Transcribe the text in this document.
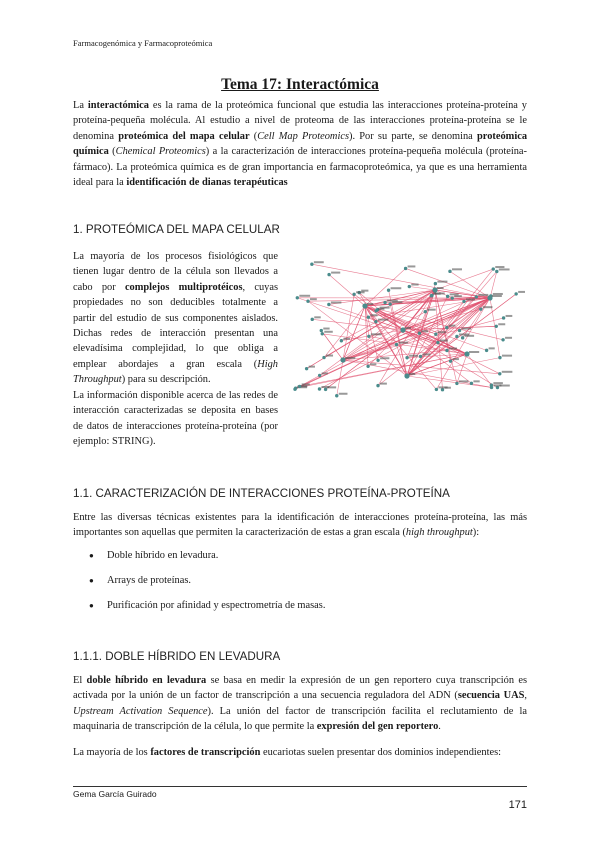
Farmacogenómica y Farmacoproteómica
Tema 17: Interactómica
La interactómica es la rama de la proteómica funcional que estudia las interacciones proteína-proteína y proteína-pequeña molécula. Al estudio a nivel de proteoma de las interacciones proteína-proteína se le denomina proteómica del mapa celular (Cell Map Proteomics). Por su parte, se denomina proteómica química (Chemical Proteomics) a la caracterización de interacciones proteína-pequeña molécula (proteína-fármaco). La proteómica química es de gran importancia en farmacoproteómica, ya que es una herramienta ideal para la identificación de dianas terapéuticas
1. PROTEÓMICA DEL MAPA CELULAR
La mayoría de los procesos fisiológicos que tienen lugar dentro de la célula son llevados a cabo por complejos multiprotéicos, cuyas propiedades no son deducibles totalmente a partir del estudio de sus componentes aislados. Dichas redes de interacción presentan una elevadísima complejidad, lo que obliga a emplear abordajes a gran escala (High Throughput) para su descripción.
La información disponible acerca de las redes de interacción caracterizadas se deposita en bases de datos de interacciones proteína-proteína (por ejemplo: STRING).
1.1. CARACTERIZACIÓN DE INTERACCIONES PROTEÍNA-PROTEÍNA
Entre las diversas técnicas existentes para la identificación de interacciones proteína-proteína, las más importantes son aquellas que permiten la caracterización de estas a gran escala (high throughput):
● Doble híbrido en levadura.
● Arrays de proteínas.
● Purificación por afinidad y espectrometría de masas.
1.1.1. DOBLE HÍBRIDO EN LEVADURA
El doble híbrido en levadura se basa en medir la expresión de un gen reportero cuya transcripción es activada por la unión de un factor de transcripción a una secuencia reguladora del ADN (secuencia UAS, Upstream Activation Sequence). La unión del factor de transcripción facilita el reclutamiento de la maquinaria de transcripción de la célula, lo que permite la expresión del gen reportero.
La mayoría de los factores de transcripción eucariotas suelen presentar dos dominios independientes:
Gema García Guirado
171
